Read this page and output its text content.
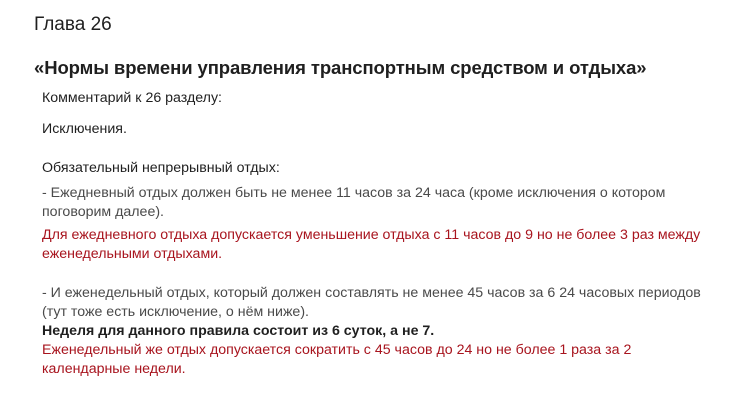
Глава 26
«Нормы времени управления транспортным средством и отдыха»

Комментарий к 26 разделу:

Исключения.

Обязательный непрерывный отдых:

- Ежедневный отдых должен быть не менее 11 часов за 24 часа (кроме исключения о котором поговорим далее).

Для ежедневного отдыха допускается уменьшение отдыха с 11 часов до 9 но не более 3 раз между еженедельными отдыхами.

- И еженедельный отдых, который должен составлять не менее 45 часов за 6 24 часовых периодов (тут тоже есть исключение, о нём ниже).

Неделя для данного правила состоит из 6 суток, а не 7.

Еженедельный же отдых допускается сократить с 45 часов до 24 но не более 1 раза за 2 календарные недели.
